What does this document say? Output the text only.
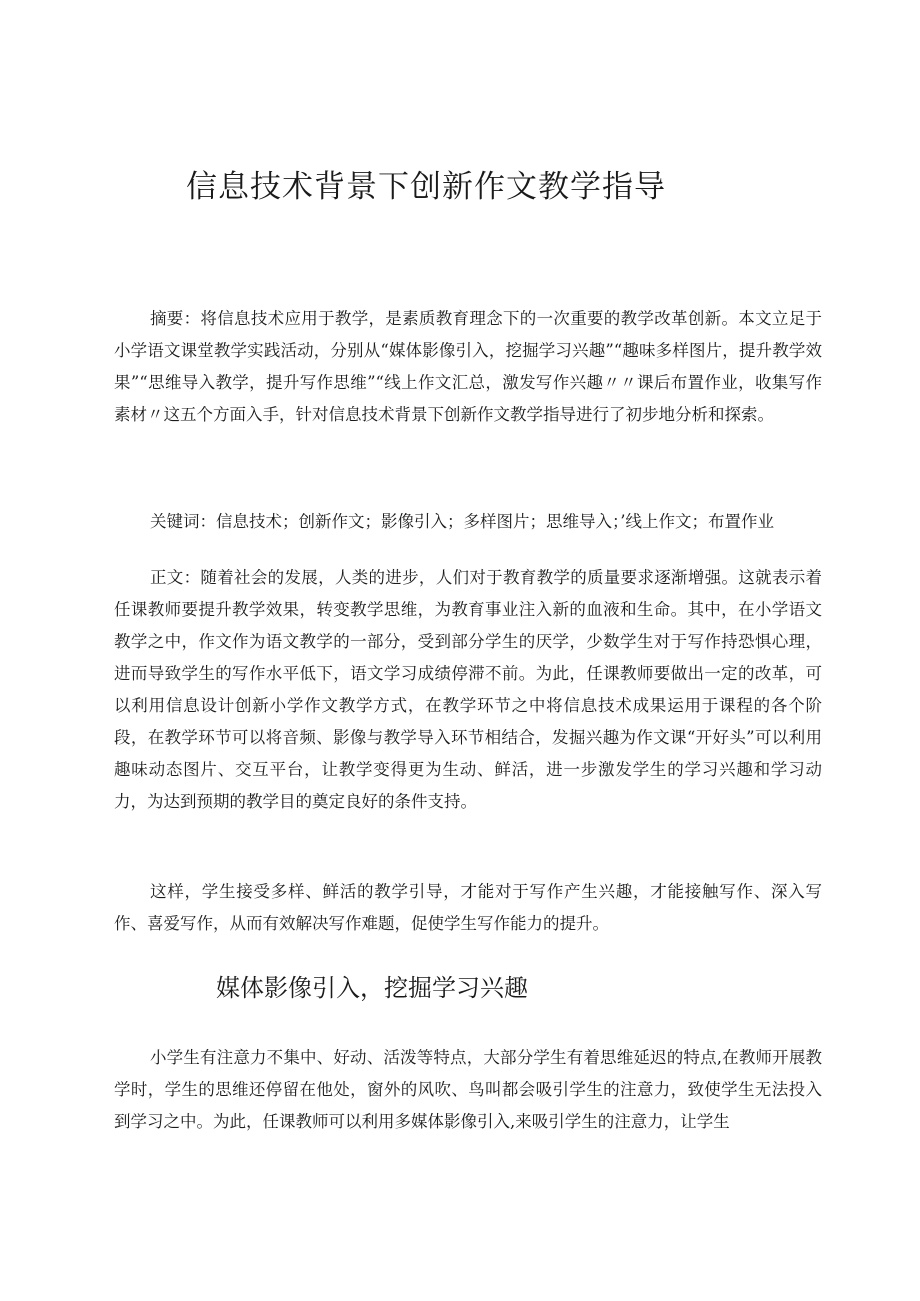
信息技术背景下创新作文教学指导

摘要：将信息技术应用于教学，是素质教育理念下的一次重要的教学改革创新。本文立足于小学语文课堂教学实践活动，分别从“媒体影像引入，挖掘学习兴趣”“趣味多样图片，提升教学效果”“思维导入教学，提升写作思维”“线上作文汇总，激发写作兴趣〃〃课后布置作业，收集写作素材〃这五个方面入手，针对信息技术背景下创新作文教学指导进行了初步地分析和探索。

关键词：信息技术；创新作文；影像引入；多样图片；思维导入；’线上作文；布置作业

正文：随着社会的发展，人类的进步，人们对于教育教学的质量要求逐渐增强。这就表示着任课教师要提升教学效果，转变教学思维，为教育事业注入新的血液和生命。其中，在小学语文教学之中，作文作为语文教学的一部分，受到部分学生的厌学，少数学生对于写作持恐惧心理，进而导致学生的写作水平低下，语文学习成绩停滞不前。为此，任课教师要做出一定的改革，可以利用信息设计创新小学作文教学方式，在教学环节之中将信息技术成果运用于课程的各个阶段，在教学环节可以将音频、影像与教学导入环节相结合，发掘兴趣为作文课“开好头”可以利用趣味动态图片、交互平台，让教学变得更为生动、鲜活，进一步激发学生的学习兴趣和学习动力，为达到预期的教学目的奠定良好的条件支持。

这样，学生接受多样、鲜活的教学引导，才能对于写作产生兴趣，才能接触写作、深入写作、喜爱写作，从而有效解决写作难题，促使学生写作能力的提升。

媒体影像引入，挖掘学习兴趣

小学生有注意力不集中、好动、活泼等特点，大部分学生有着思维延迟的特点,在教师开展教学时，学生的思维还停留在他处，窗外的风吹、鸟叫都会吸引学生的注意力，致使学生无法投入到学习之中。为此，任课教师可以利用多媒体影像引入,来吸引学生的注意力，让学生
